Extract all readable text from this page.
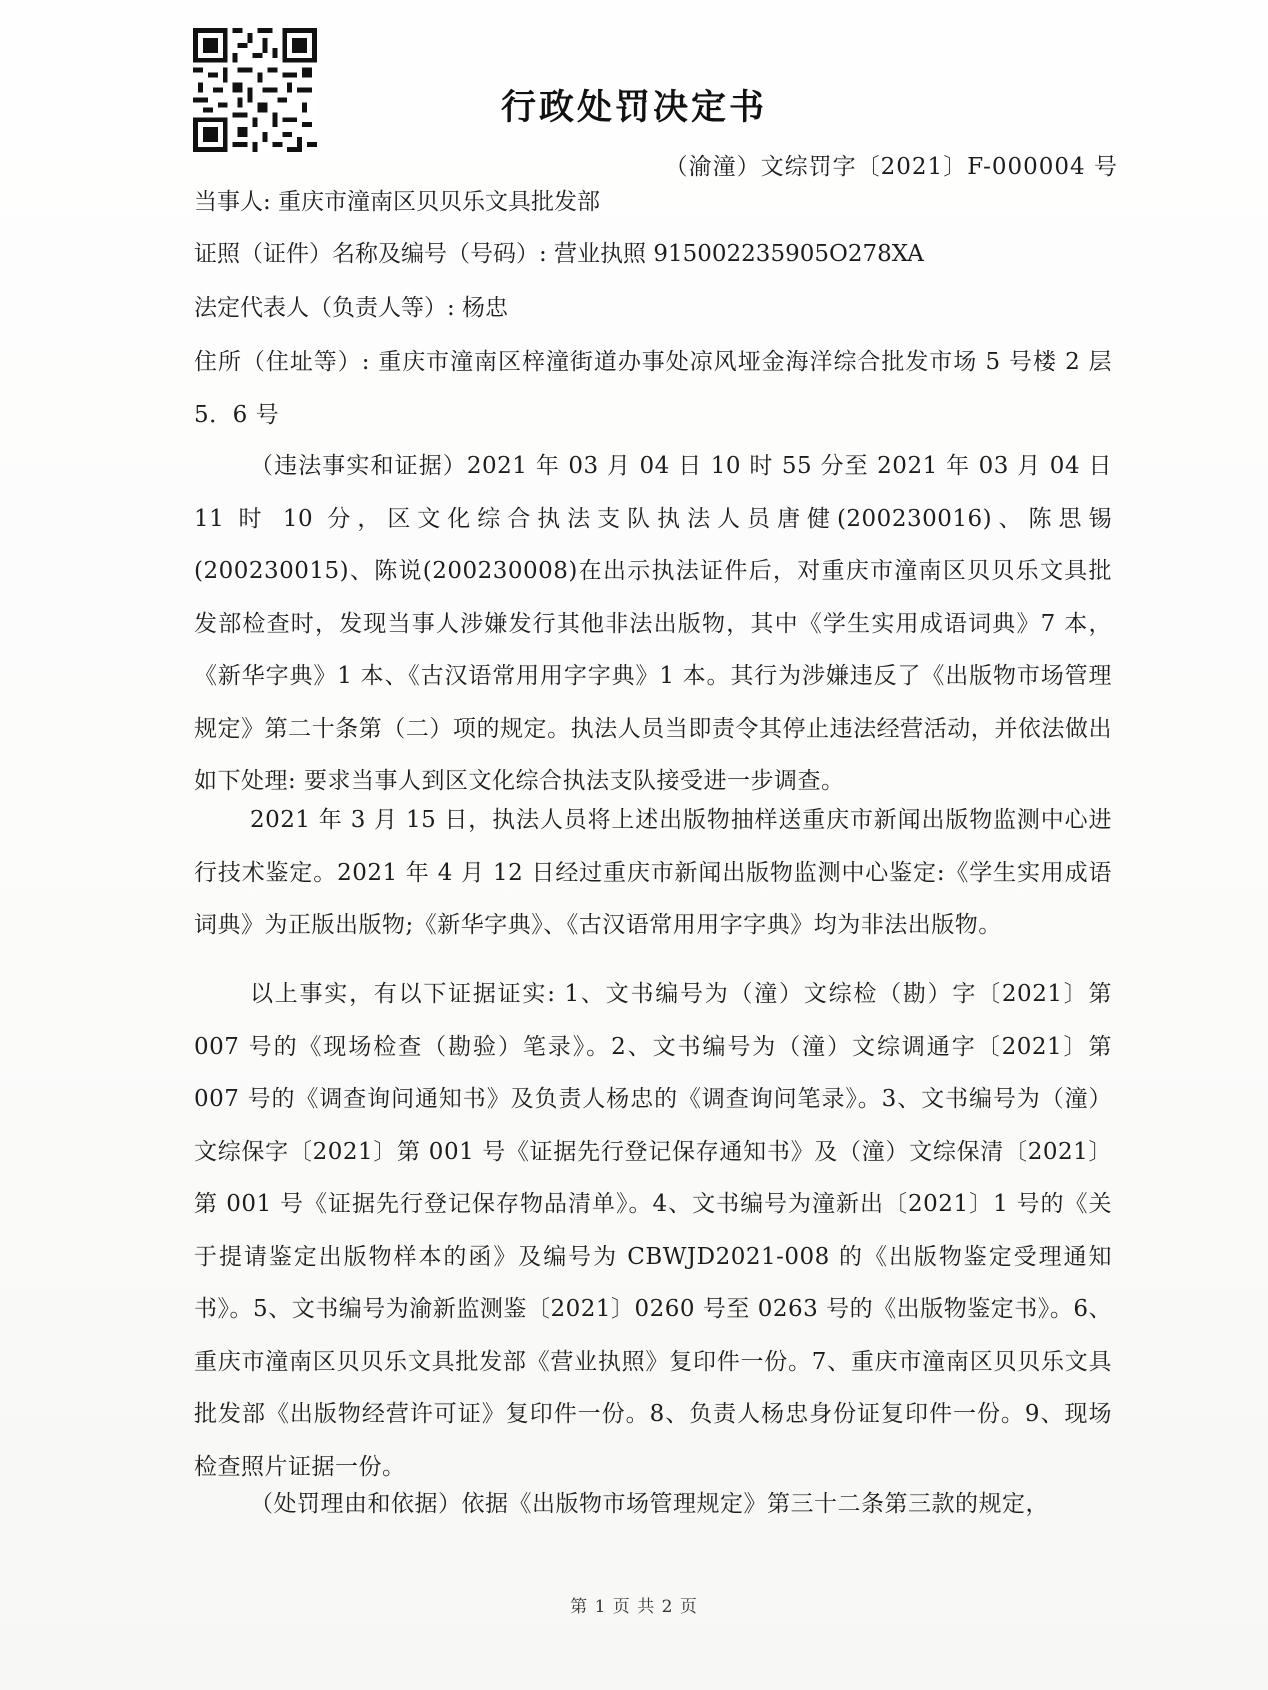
行政处罚决定书
（渝潼）文综罚字〔2021〕F-000004 号
当事人: 重庆市潼南区贝贝乐文具批发部
证照（证件）名称及编号（号码）: 营业执照 915002235905O278XA
法定代表人（负责人等）: 杨忠

住所（住址等）: 重庆市潼南区梓潼街道办事处凉风垭金海洋综合批发市场 5 号楼 2 层 5．6 号

（违法事实和证据）2021 年 03 月 04 日 10 时 55 分至 2021 年 03 月 04 日 11 时 10 分，区文化综合执法支队执法人员唐健(200230016)、陈思锡(200230015)、陈说(200230008)在出示执法证件后，对重庆市潼南区贝贝乐文具批发部检查时，发现当事人涉嫌发行其他非法出版物，其中《学生实用成语词典》7 本，《新华字典》1 本、《古汉语常用用字字典》1 本。其行为涉嫌违反了《出版物市场管理规定》第二十条第（二）项的规定。执法人员当即责令其停止违法经营活动，并依法做出如下处理: 要求当事人到区文化综合执法支队接受进一步调查。

2021 年 3 月 15 日，执法人员将上述出版物抽样送重庆市新闻出版物监测中心进行技术鉴定。2021 年 4 月 12 日经过重庆市新闻出版物监测中心鉴定:《学生实用成语词典》为正版出版物;《新华字典》、《古汉语常用用字字典》均为非法出版物。

以上事实，有以下证据证实: 1、文书编号为（潼）文综检（勘）字〔2021〕第 007 号的《现场检查（勘验）笔录》。2、文书编号为（潼）文综调通字〔2021〕第 007 号的《调查询问通知书》及负责人杨忠的《调查询问笔录》。3、文书编号为（潼）文综保字〔2021〕第 001 号《证据先行登记保存通知书》及（潼）文综保清〔2021〕第 001 号《证据先行登记保存物品清单》。4、文书编号为潼新出〔2021〕1 号的《关于提请鉴定出版物样本的函》及编号为 CBWJD2021-008 的《出版物鉴定受理通知书》。5、文书编号为渝新监测鉴〔2021〕0260 号至 0263 号的《出版物鉴定书》。6、重庆市潼南区贝贝乐文具批发部《营业执照》复印件一份。7、重庆市潼南区贝贝乐文具批发部《出版物经营许可证》复印件一份。8、负责人杨忠身份证复印件一份。9、现场检查照片证据一份。

（处罚理由和依据）依据《出版物市场管理规定》第三十二条第三款的规定，

第 1 页 共 2 页
